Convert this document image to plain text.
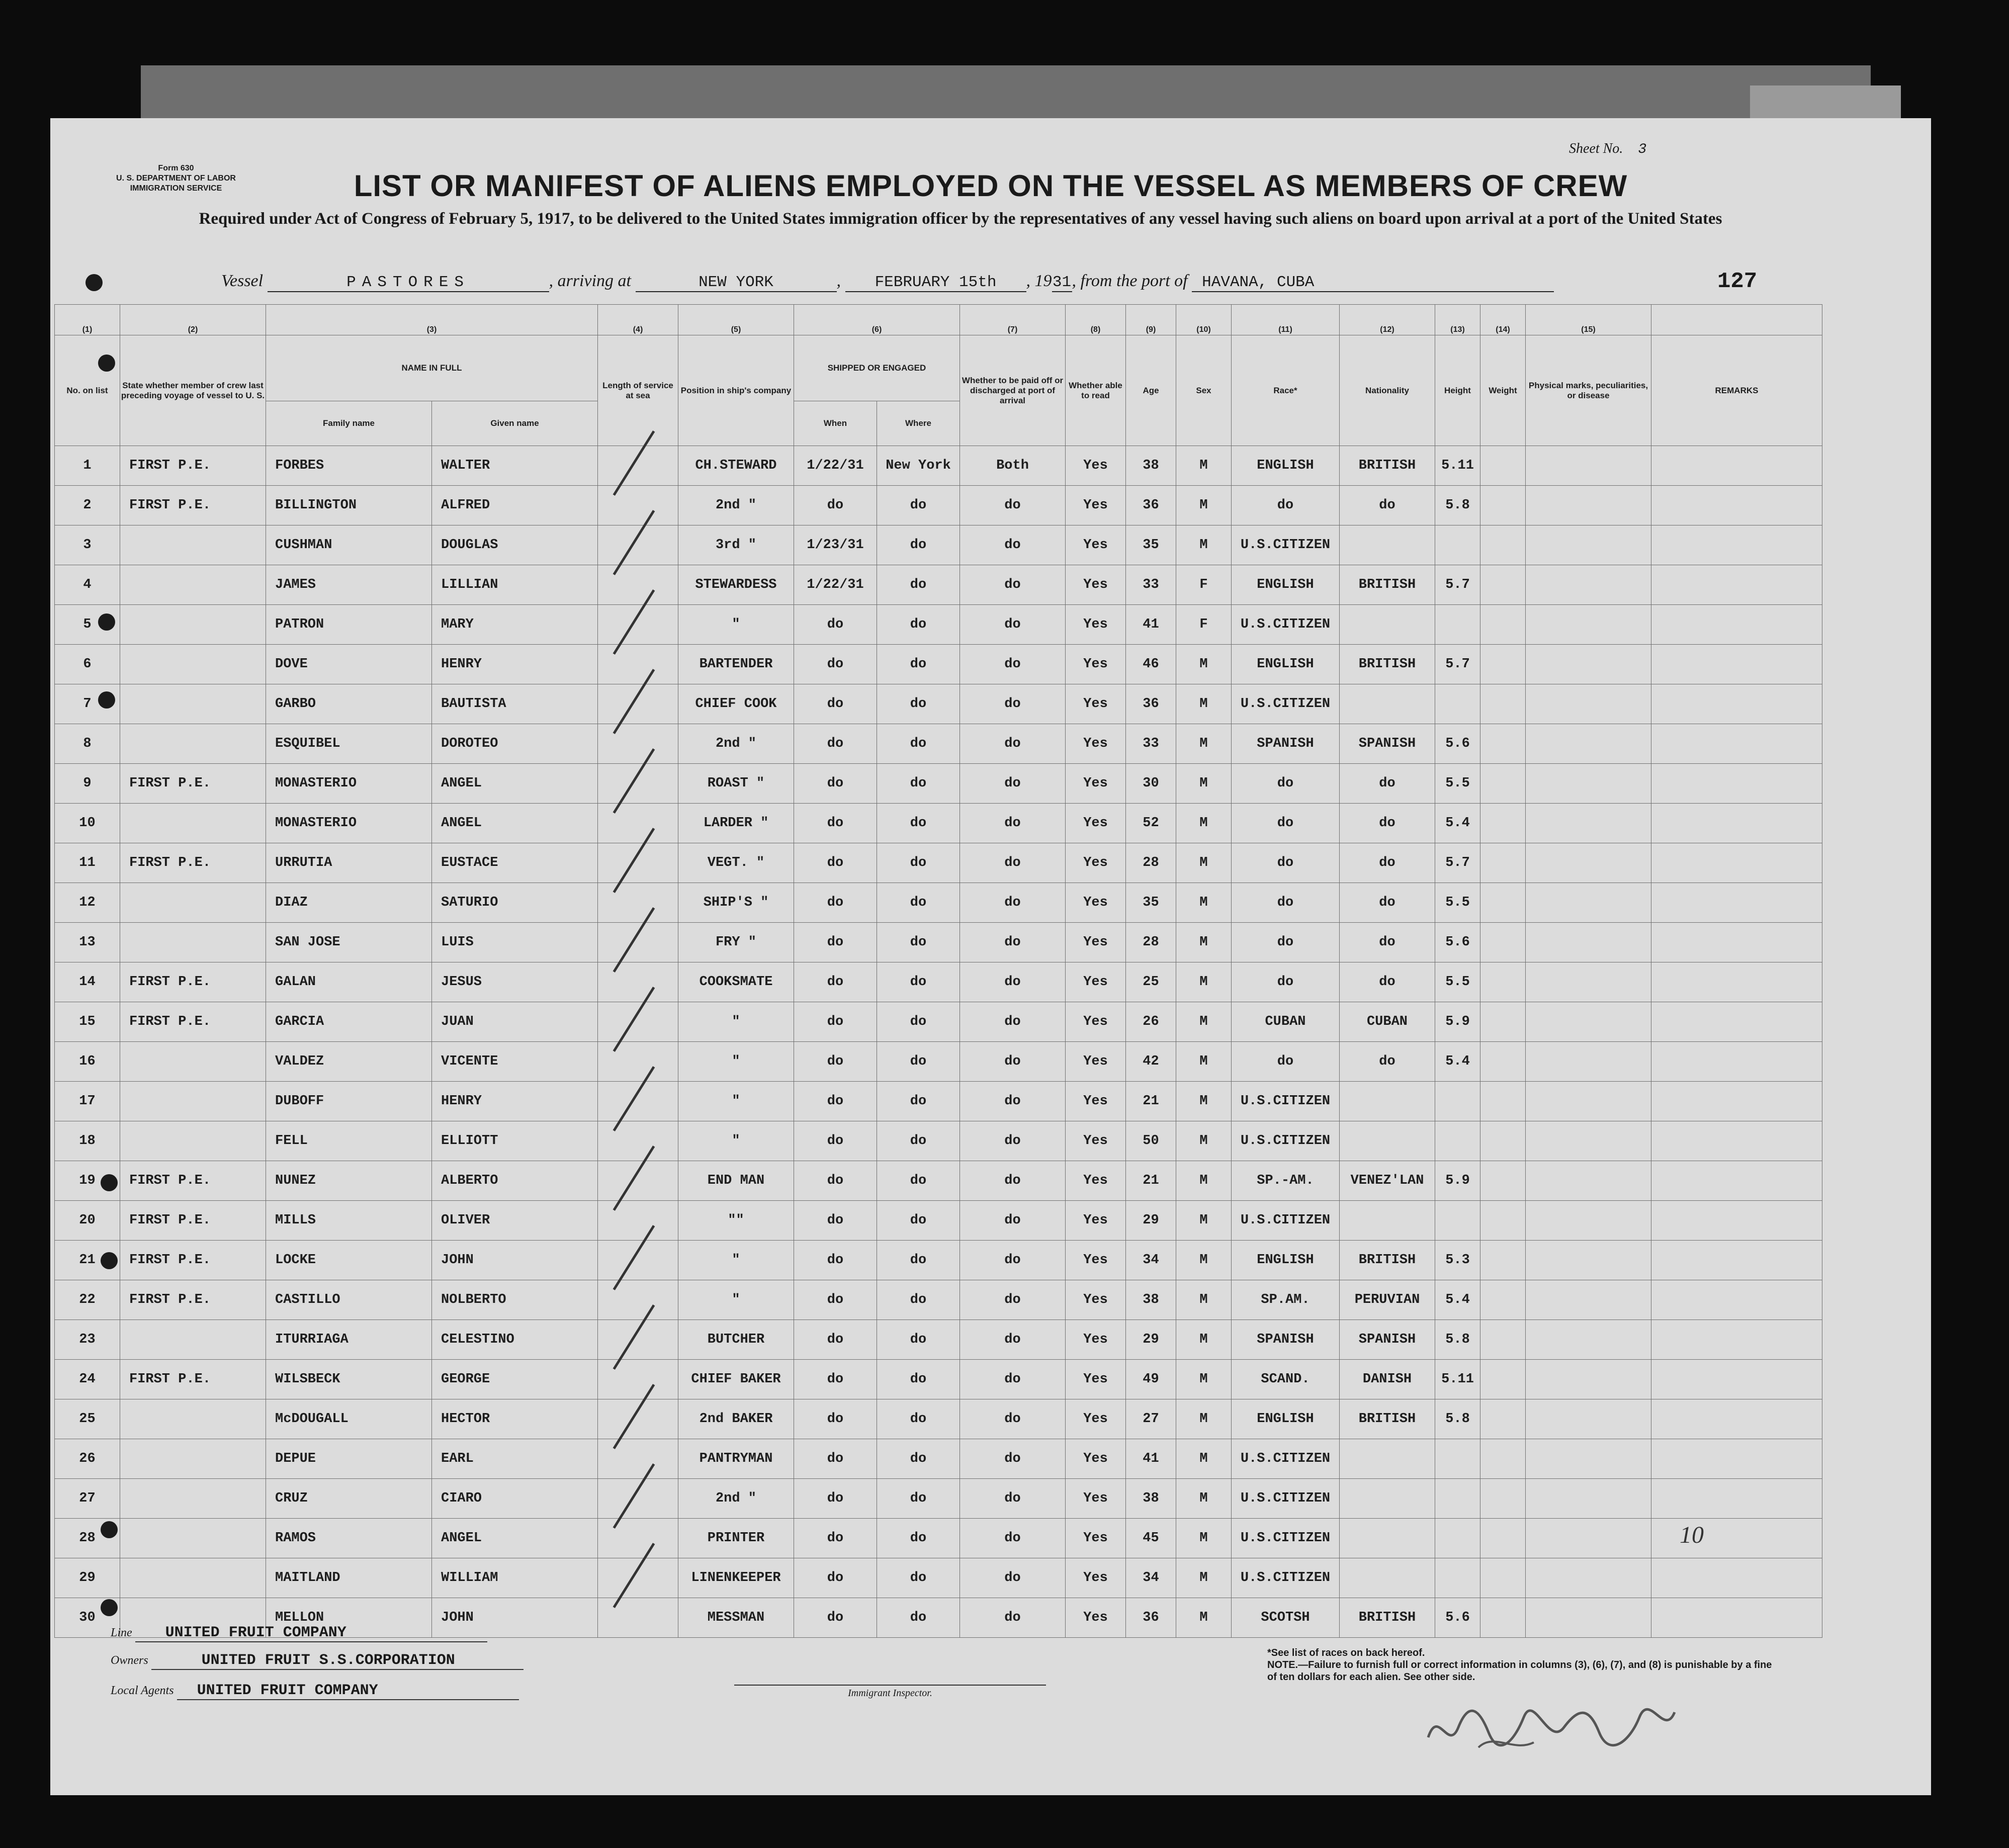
Form 630
U. S. DEPARTMENT OF LABOR
IMMIGRATION SERVICE
Sheet No. 3
LIST OR MANIFEST OF ALIENS EMPLOYED ON THE VESSEL AS MEMBERS OF CREW
Required under Act of Congress of February 5, 1917, to be delivered to the United States immigration officer by the representatives of any vessel having such aliens on board upon arrival at a port of the United States
127
Vessel	PASTORES	, arriving at	NEW YORK	, FEBRUARY 15th , 1931, from the port of HAVANA, CUBA
(1)	(2)	(3)		(4)	(5)	(6)		(7)	(8)	(9)	(10)	(11)	(12)	(13)	(14)	(15)	
No. on list	State whether member of crew last preceding voyage of vessel to U. S.	NAME IN FULL		Length of service at sea	Position in ship's company	SHIPPED OR ENGAGED		Whether to be paid off or discharged at port of arrival	Whether able to read	Age	Sex	Race*	Nationality	Height	Weight	Physical marks, peculiarities, or disease	REMARKS
		Family name	Given name			When	Where										
1	FIRST P.E.	FORBES	WALTER		CH.STEWARD	1/22/31	New York	Both	Yes	38	M	ENGLISH	BRITISH	5.11			
2	FIRST P.E.	BILLINGTON	ALFRED		2nd "	do	do	do	Yes	36	M	do	do	5.8			
3		CUSHMAN	DOUGLAS		3rd "	1/23/31	do	do	Yes	35	M	U.S.CITIZEN					
4		JAMES	LILLIAN		STEWARDESS	1/22/31	do	do	Yes	33	F	ENGLISH	BRITISH	5.7			
5		PATRON	MARY		"	do	do	do	Yes	41	F	U.S.CITIZEN					
6		DOVE	HENRY		BARTENDER	do	do	do	Yes	46	M	ENGLISH	BRITISH	5.7			
7		GARBO	BAUTISTA		CHIEF COOK	do	do	do	Yes	36	M	U.S.CITIZEN					
8		ESQUIBEL	DOROTEO		2nd "	do	do	do	Yes	33	M	SPANISH	SPANISH	5.6			
9	FIRST P.E.	MONASTERIO	ANGEL		ROAST "	do	do	do	Yes	30	M	do	do	5.5			
10		MONASTERIO	ANGEL		LARDER "	do	do	do	Yes	52	M	do	do	5.4			
11	FIRST P.E.	URRUTIA	EUSTACE		VEGT. "	do	do	do	Yes	28	M	do	do	5.7			
12		DIAZ	SATURIO		SHIP'S "	do	do	do	Yes	35	M	do	do	5.5			
13		SAN JOSE	LUIS		FRY "	do	do	do	Yes	28	M	do	do	5.6			
14	FIRST P.E.	GALAN	JESUS		COOKSMATE	do	do	do	Yes	25	M	do	do	5.5			
15	FIRST P.E.	GARCIA	JUAN		"	do	do	do	Yes	26	M	CUBAN	CUBAN	5.9			
16		VALDEZ	VICENTE		"	do	do	do	Yes	42	M	do	do	5.4			
17		DUBOFF	HENRY		"	do	do	do	Yes	21	M	U.S.CITIZEN					
18		FELL	ELLIOTT		"	do	do	do	Yes	50	M	U.S.CITIZEN					
19	FIRST P.E.	NUNEZ	ALBERTO		END MAN	do	do	do	Yes	21	M	SP.-AM.	VENEZ'LAN	5.9			
20	FIRST P.E.	MILLS	OLIVER		""	do	do	do	Yes	29	M	U.S.CITIZEN					
21	FIRST P.E.	LOCKE	JOHN		"	do	do	do	Yes	34	M	ENGLISH	BRITISH	5.3			
22	FIRST P.E.	CASTILLO	NOLBERTO		"	do	do	do	Yes	38	M	SP.AM.	PERUVIAN	5.4			
23		ITURRIAGA	CELESTINO		BUTCHER	do	do	do	Yes	29	M	SPANISH	SPANISH	5.8			
24	FIRST P.E.	WILSBECK	GEORGE		CHIEF BAKER	do	do	do	Yes	49	M	SCAND.	DANISH	5.11			
25		McDOUGALL	HECTOR		2nd BAKER	do	do	do	Yes	27	M	ENGLISH	BRITISH	5.8			
26		DEPUE	EARL		PANTRYMAN	do	do	do	Yes	41	M	U.S.CITIZEN					
27		CRUZ	CIARO		2nd "	do	do	do	Yes	38	M	U.S.CITIZEN					
28		RAMOS	ANGEL		PRINTER	do	do	do	Yes	45	M	U.S.CITIZEN					
29		MAITLAND	WILLIAM		LINENKEEPER	do	do	do	Yes	34	M	U.S.CITIZEN					
30		MELLON	JOHN		MESSMAN	do	do	do	Yes	36	M	SCOTSH	BRITISH	5.6			
10
Line UNITED FRUIT COMPANY
Owners	UNITED FRUIT S.S.CORPORATION
Local Agents UNITED FRUIT COMPANY	Immigrant Inspector.
*See list of races on back hereof.
NOTE.—Failure to furnish full or correct information in columns (3), (6), (7), and (8) is punishable by a fine of ten dollars for each alien. See other side.
